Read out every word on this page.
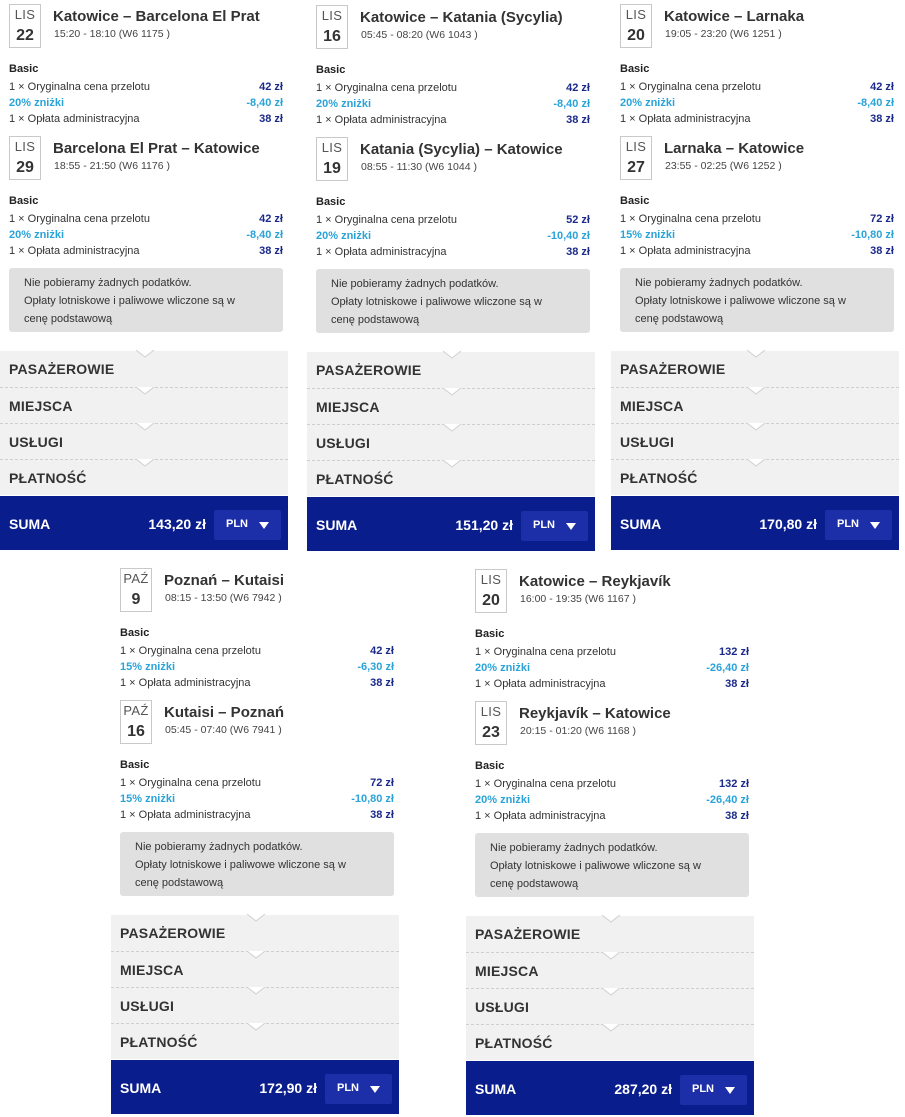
LIS
22
Katowice – Barcelona El Prat
15:20 - 18:10 (W6 1175 )
Basic
1 × Oryginalna cena przelotu	42 zł
20% zniżki	-8,40 zł
1 × Opłata administracyjna	38 zł
LIS
29
Barcelona El Prat – Katowice
18:55 - 21:50 (W6 1176 )
Basic
1 × Oryginalna cena przelotu	42 zł
20% zniżki	-8,40 zł
1 × Opłata administracyjna	38 zł
Nie pobieramy żadnych podatków.
Opłaty lotniskowe i paliwowe wliczone są w
cenę podstawową
PASAŻEROWIE
MIEJSCA
USŁUGI
PŁATNOŚĆ
SUMA	143,20 zł PLN
LIS
16
Katowice – Katania (Sycylia)
05:45 - 08:20 (W6 1043 )
Basic
1 × Oryginalna cena przelotu	42 zł
20% zniżki	-8,40 zł
1 × Opłata administracyjna	38 zł
LIS
19
Katania (Sycylia) – Katowice
08:55 - 11:30 (W6 1044 )
Basic
1 × Oryginalna cena przelotu	52 zł
20% zniżki	-10,40 zł
1 × Opłata administracyjna	38 zł
Nie pobieramy żadnych podatków.
Opłaty lotniskowe i paliwowe wliczone są w
cenę podstawową
PASAŻEROWIE
MIEJSCA
USŁUGI
PŁATNOŚĆ
SUMA	151,20 zł PLN
LIS
20
Katowice – Larnaka
19:05 - 23:20 (W6 1251 )
Basic
1 × Oryginalna cena przelotu	42 zł
20% zniżki	-8,40 zł
1 × Opłata administracyjna	38 zł
LIS
27
Larnaka – Katowice
23:55 - 02:25 (W6 1252 )
Basic
1 × Oryginalna cena przelotu	72 zł
15% zniżki	-10,80 zł
1 × Opłata administracyjna	38 zł
Nie pobieramy żadnych podatków.
Opłaty lotniskowe i paliwowe wliczone są w
cenę podstawową
PASAŻEROWIE
MIEJSCA
USŁUGI
PŁATNOŚĆ
SUMA	170,80 zł PLN
PAŹ
9
Poznań – Kutaisi
08:15 - 13:50 (W6 7942 )
Basic
1 × Oryginalna cena przelotu	42 zł
15% zniżki	-6,30 zł
1 × Opłata administracyjna	38 zł
PAŹ
16
Kutaisi – Poznań
05:45 - 07:40 (W6 7941 )
Basic
1 × Oryginalna cena przelotu	72 zł
15% zniżki	-10,80 zł
1 × Opłata administracyjna	38 zł
Nie pobieramy żadnych podatków.
Opłaty lotniskowe i paliwowe wliczone są w
cenę podstawową
PASAŻEROWIE
MIEJSCA
USŁUGI
PŁATNOŚĆ
SUMA	172,90 zł PLN
LIS
20
Katowice – Reykjavík
16:00 - 19:35 (W6 1167 )
Basic
1 × Oryginalna cena przelotu	132 zł
20% zniżki	-26,40 zł
1 × Opłata administracyjna	38 zł
LIS
23
Reykjavík – Katowice
20:15 - 01:20 (W6 1168 )
Basic
1 × Oryginalna cena przelotu	132 zł
20% zniżki	-26,40 zł
1 × Opłata administracyjna	38 zł
Nie pobieramy żadnych podatków.
Opłaty lotniskowe i paliwowe wliczone są w
cenę podstawową
PASAŻEROWIE
MIEJSCA
USŁUGI
PŁATNOŚĆ
SUMA	287,20 zł PLN
